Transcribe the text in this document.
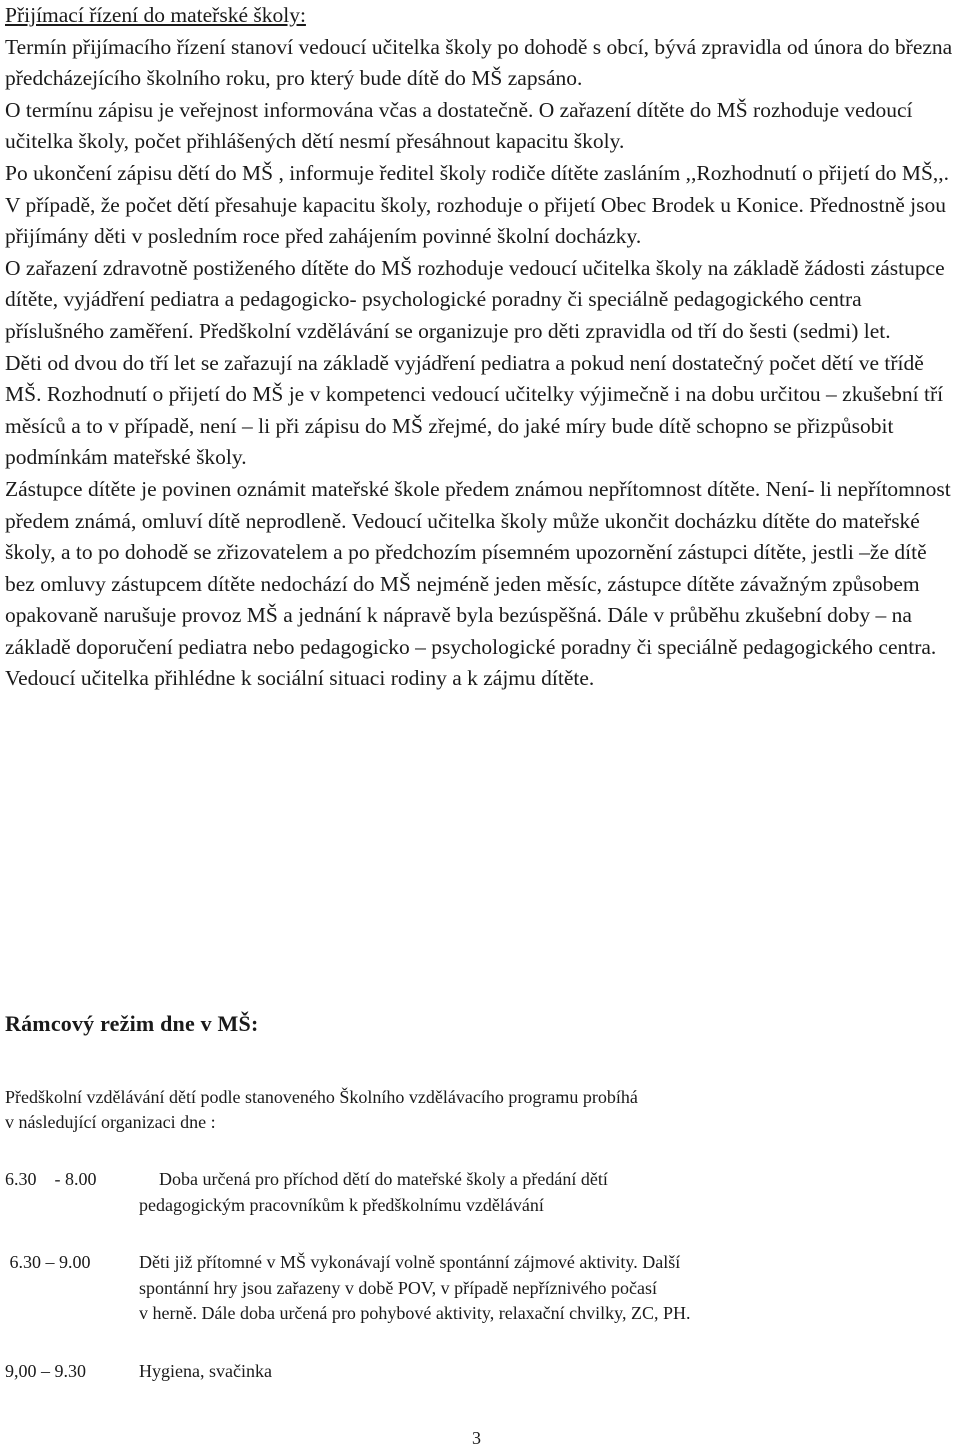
Přijímací řízení do mateřské školy:

Termín přijímacího řízení stanoví vedoucí učitelka školy po dohodě s obcí, bývá zpravidla od února do března předcházejícího školního roku, pro který bude dítě do MŠ zapsáno.

O termínu zápisu je veřejnost informována včas a dostatečně. O zařazení dítěte do MŠ rozhoduje vedoucí učitelka školy, počet přihlášených dětí nesmí přesáhnout kapacitu školy.

Po ukončení zápisu dětí do MŠ , informuje ředitel školy rodiče dítěte zasláním ,,Rozhodnutí o přijetí do MŠ,,. V případě, že počet dětí přesahuje kapacitu školy, rozhoduje o přijetí Obec Brodek u Konice. Přednostně jsou přijímány děti v posledním roce před zahájením povinné školní docházky.

O zařazení zdravotně postiženého dítěte do MŠ rozhoduje vedoucí učitelka školy na základě žádosti zástupce dítěte, vyjádření pediatra a pedagogicko- psychologické poradny či speciálně pedagogického centra příslušného zaměření. Předškolní vzdělávání se organizuje pro děti zpravidla od tří do šesti (sedmi) let.

Děti od dvou do tří let se zařazují na základě vyjádření pediatra a pokud není dostatečný počet dětí ve třídě MŠ. Rozhodnutí o přijetí do MŠ je v kompetenci vedoucí učitelky výjimečně i na dobu určitou – zkušební tří měsíců a to v případě, není – li při zápisu do MŠ zřejmé, do jaké míry bude dítě schopno se přizpůsobit podmínkám mateřské školy.

Zástupce dítěte je povinen oznámit mateřské škole předem známou nepřítomnost dítěte. Není- li nepřítomnost předem známá, omluví dítě neprodleně. Vedoucí učitelka školy může ukončit docházku dítěte do mateřské školy, a to po dohodě se zřizovatelem a po předchozím písemném upozornění zástupci dítěte, jestli –že dítě bez omluvy zástupcem dítěte nedochází do MŠ nejméně jeden měsíc, zástupce dítěte závažným způsobem opakovaně narušuje provoz MŠ a jednání k nápravě byla bezúspěšná. Dále v průběhu zkušební doby – na základě doporučení pediatra nebo pedagogicko – psychologické poradny či speciálně pedagogického centra. Vedoucí učitelka přihlédne k sociální situaci rodiny a k zájmu dítěte.

Rámcový režim dne v MŠ:

Předškolní vzdělávání dětí podle stanoveného Školního vzdělávacího programu probíhá
v následující organizaci dne :

6.30    - 8.00	Doba určená pro příchod dětí do mateřské školy a předání dětí
pedagogickým pracovníkům k předškolnímu vzdělávání
6.30 – 9.00	Děti již přítomné v MŠ vykonávají volně spontánní zájmové aktivity. Další
spontánní hry jsou zařazeny v době POV, v případě nepříznivého počasí
v herně. Dále doba určená pro pohybové aktivity, relaxační chvilky, ZC, PH.
9,00 – 9.30	Hygiena, svačinka
3
